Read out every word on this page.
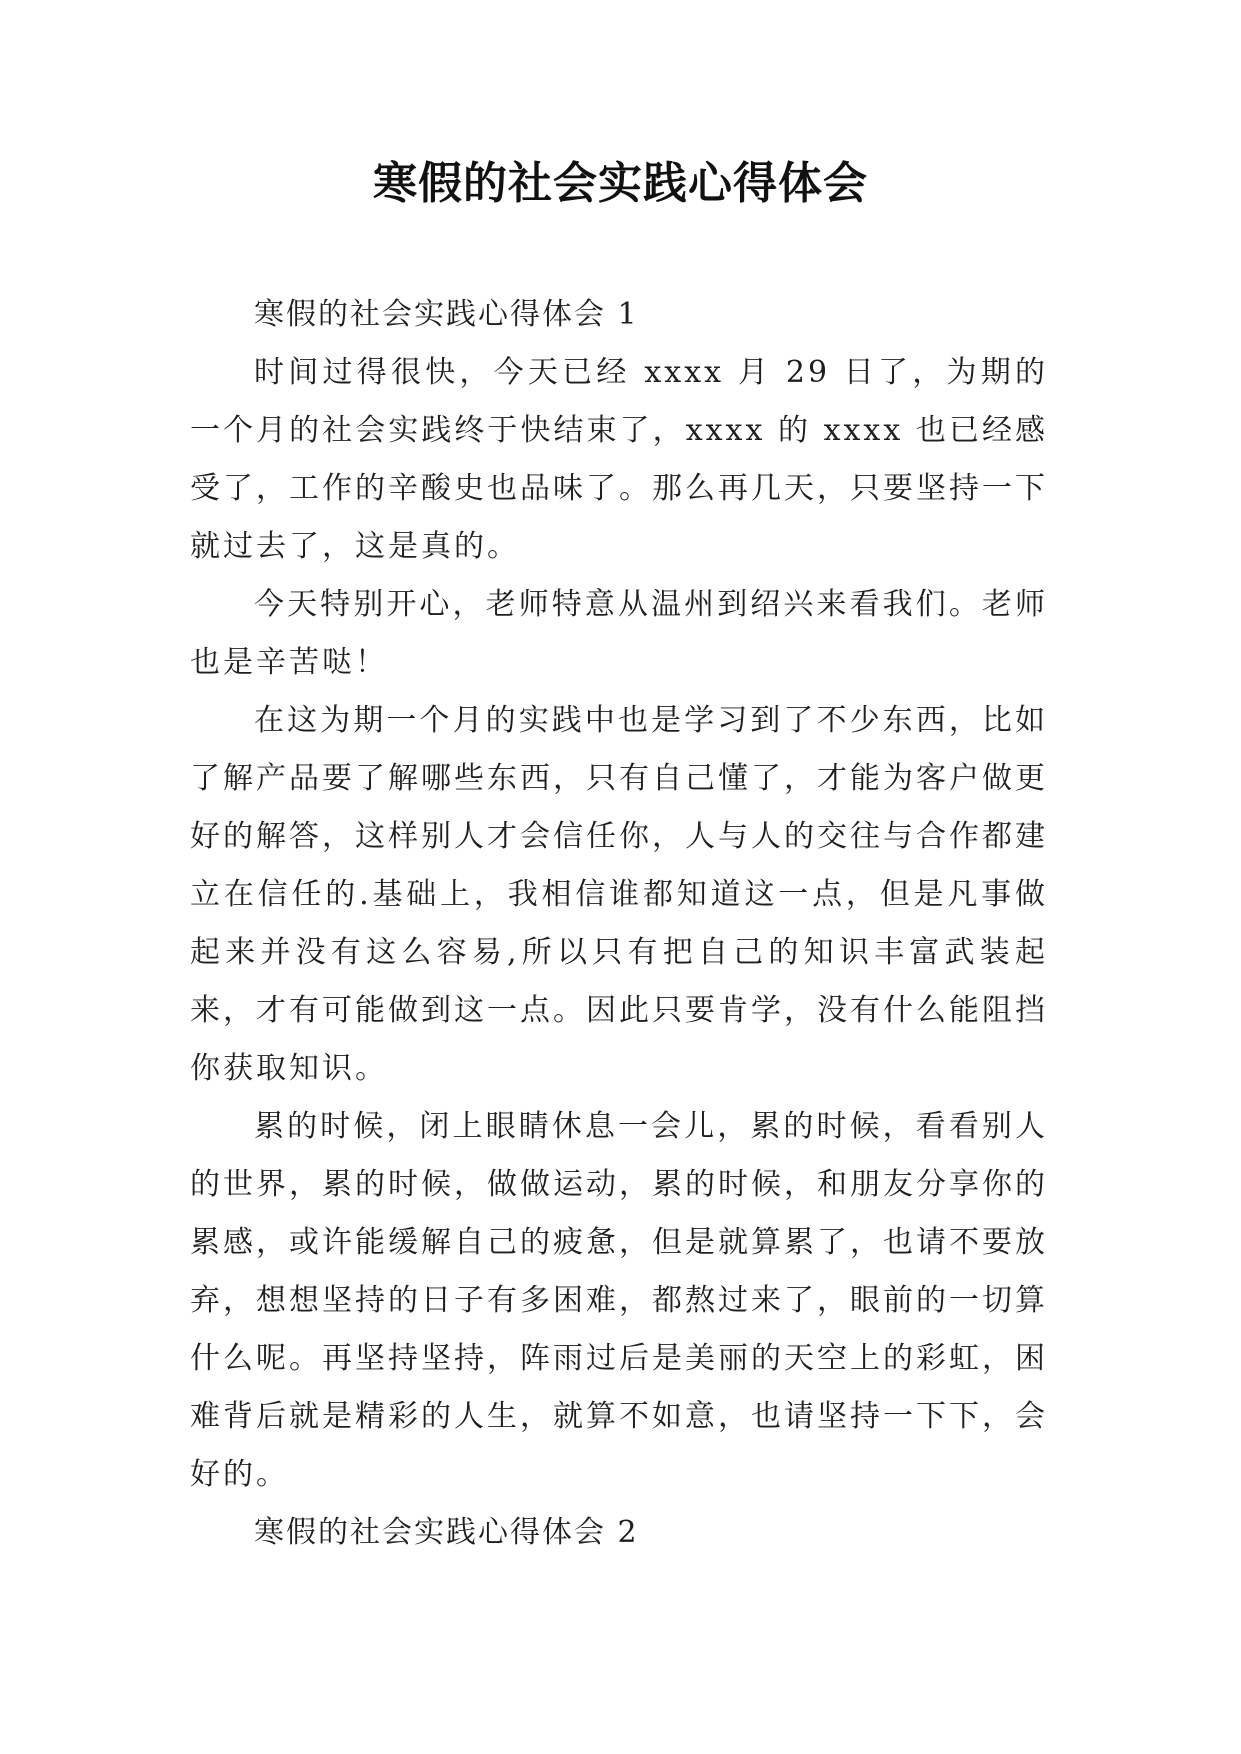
寒假的社会实践心得体会

寒假的社会实践心得体会 1

时间过得很快，今天已经 xxxx 月 29 日了，为期的一个月的社会实践终于快结束了，xxxx 的 xxxx 也已经感受了，工作的辛酸史也品味了。那么再几天，只要坚持一下就过去了，这是真的。

今天特别开心，老师特意从温州到绍兴来看我们。老师也是辛苦哒！

在这为期一个月的实践中也是学习到了不少东西，比如了解产品要了解哪些东西，只有自己懂了，才能为客户做更好的解答，这样别人才会信任你，人与人的交往与合作都建立在信任的.基础上，我相信谁都知道这一点，但是凡事做起来并没有这么容易,所以只有把自己的知识丰富武装起来，才有可能做到这一点。因此只要肯学，没有什么能阻挡你获取知识。

累的时候，闭上眼睛休息一会儿，累的时候，看看别人的世界，累的时候，做做运动，累的时候，和朋友分享你的累感，或许能缓解自己的疲惫，但是就算累了，也请不要放弃，想想坚持的日子有多困难，都熬过来了，眼前的一切算什么呢。再坚持坚持，阵雨过后是美丽的天空上的彩虹，困难背后就是精彩的人生，就算不如意，也请坚持一下下，会好的。

寒假的社会实践心得体会 2
